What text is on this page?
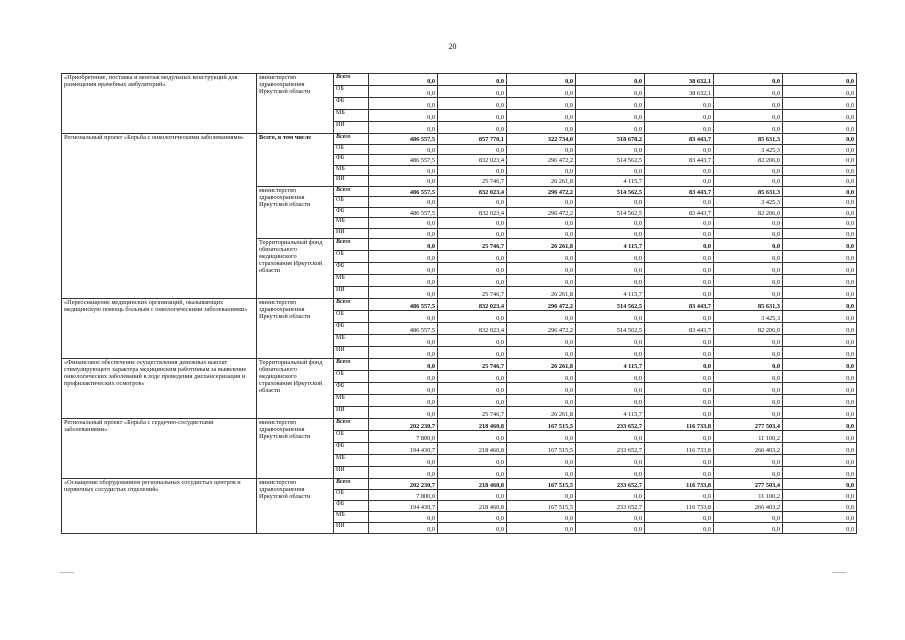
20
«Приобретение, поставка и монтаж модульных конструкций для размещения врачебных амбулаторий»	министерство здравоохранения Иркутской области	Всего	0,0	0,0	0,0	0,0	38 632,1	0,0	0,0
		ОБ	0,0	0,0	0,0	0,0	38 632,1	0,0	0,0
		ФБ	0,0	0,0	0,0	0,0	0,0	0,0	0,0
		МБ	0,0	0,0	0,0	0,0	0,0	0,0	0,0
		ИИ	0,0	0,0	0,0	0,0	0,0	0,0	0,0
Региональный проект «Борьба с онкологическими заболеваниями»	Всего, в том числе	Всего	486 557,5	857 770,1	322 734,0	518 678,2	83 443,7	85 631,3	0,0
		ОБ	0,0	0,0	0,0	0,0	0,0	3 425,3	0,0
		ФБ	486 557,5	832 023,4	296 472,2	514 562,5	83 443,7	82 206,0	0,0
		МБ	0,0	0,0	0,0	0,0	0,0	0,0	0,0
		ИИ	0,0	25 746,7	26 261,8	4 115,7	0,0	0,0	0,0
	министерство здравоохранения Иркутской области	Всего	486 557,5	832 023,4	296 472,2	514 562,5	83 443,7	85 631,3	0,0
		ОБ	0,0	0,0	0,0	0,0	0,0	3 425,3	0,0
		ФБ	486 557,5	832 023,4	296 472,2	514 562,5	83 443,7	82 206,0	0,0
		МБ	0,0	0,0	0,0	0,0	0,0	0,0	0,0
		ИИ	0,0	0,0	0,0	0,0	0,0	0,0	0,0
	Территориальный фонд обязательного медицинского страхования Иркутской области	Всего	0,0	25 746,7	26 261,8	4 115,7	0,0	0,0	0,0
		ОБ	0,0	0,0	0,0	0,0	0,0	0,0	0,0
		ФБ	0,0	0,0	0,0	0,0	0,0	0,0	0,0
		МБ	0,0	0,0	0,0	0,0	0,0	0,0	0,0
		ИИ	0,0	25 746,7	26 261,8	4 115,7	0,0	0,0	0,0
«Переоснащение медицинских организаций, оказывающих медицинскую помощь больным с онкологическими заболеваниями»	министерство здравоохранения Иркутской области	Всего	486 557,5	832 023,4	296 472,2	514 562,5	83 443,7	85 631,3	0,0
		ОБ	0,0	0,0	0,0	0,0	0,0	3 425,3	0,0
		ФБ	486 557,5	832 023,4	296 472,2	514 562,5	83 443,7	82 206,0	0,0
		МБ	0,0	0,0	0,0	0,0	0,0	0,0	0,0
		ИИ	0,0	0,0	0,0	0,0	0,0	0,0	0,0
«Финансовое обеспечение осуществления денежных выплат стимулирующего характера медицинским работникам за выявление онкологических заболеваний в ходе проведения диспансеризации и профилактических осмотров»	Территориальный фонд обязательного медицинского страхования Иркутской области	Всего	0,0	25 746,7	26 261,8	4 115,7	0,0	0,0	0,0
		ОБ	0,0	0,0	0,0	0,0	0,0	0,0	0,0
		ФБ	0,0	0,0	0,0	0,0	0,0	0,0	0,0
		МБ	0,0	0,0	0,0	0,0	0,0	0,0	0,0
		ИИ	0,0	25 746,7	26 261,8	4 115,7	0,0	0,0	0,0
Региональный проект «Борьба с сердечно-сосудистыми заболеваниями»	министерство здравоохранения Иркутской области	Всего	202 230,7	218 460,8	167 515,5	233 652,7	116 733,8	277 503,4	0,0
		ОБ	7 800,0	0,0	0,0	0,0	0,0	11 100,2	0,0
		ФБ	194 430,7	218 460,8	167 515,5	233 652,7	116 733,8	266 403,2	0,0
		МБ	0,0	0,0	0,0	0,0	0,0	0,0	0,0
		ИИ	0,0	0,0	0,0	0,0	0,0	0,0	0,0
«Оснащение оборудованием региональных сосудистых центров и первичных сосудистых отделений»	министерство здравоохранения Иркутской области	Всего	202 230,7	218 460,8	167 515,5	233 652,7	116 733,8	277 503,4	0,0
		ОБ	7 800,0	0,0	0,0	0,0	0,0	11 100,2	0,0
		ФБ	194 430,7	218 460,8	167 515,5	233 652,7	116 733,8	266 403,2	0,0
		МБ	0,0	0,0	0,0	0,0	0,0	0,0	0,0
		ИИ	0,0	0,0	0,0	0,0	0,0	0,0	0,0
